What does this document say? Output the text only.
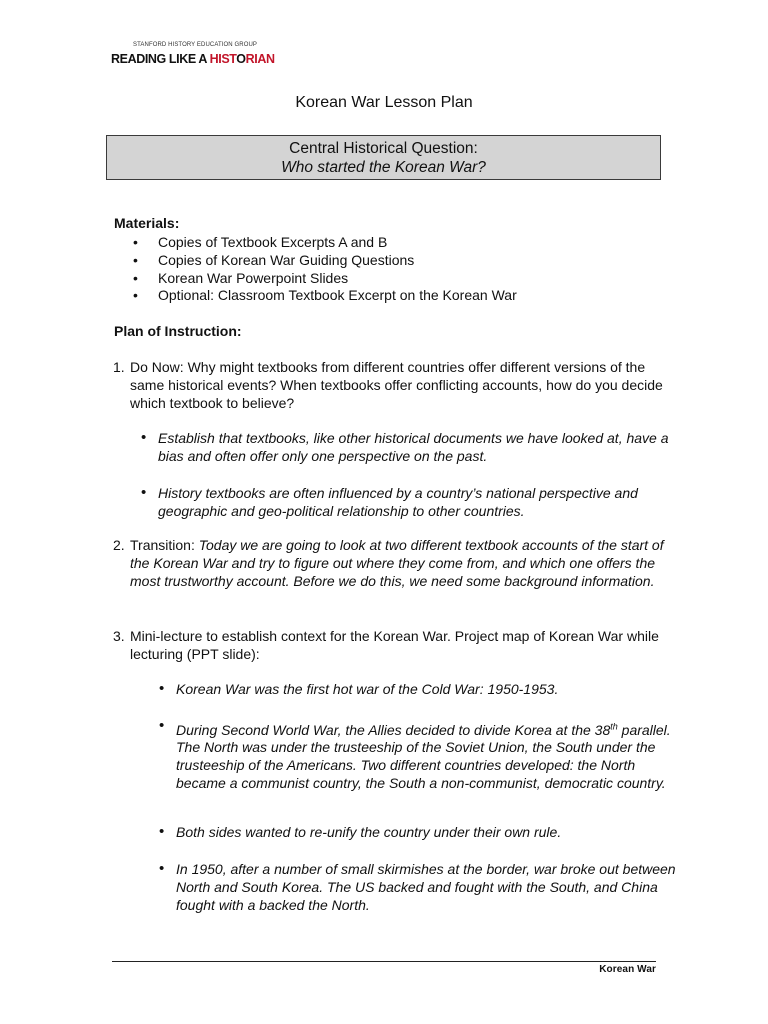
STANFORD HISTORY EDUCATION GROUP
READING LIKE A HISTORIAN
Korean War Lesson Plan
Central Historical Question:
Who started the Korean War?
Materials:
• Copies of Textbook Excerpts A and B
• Copies of Korean War Guiding Questions
• Korean War Powerpoint Slides
• Optional: Classroom Textbook Excerpt on the Korean War
Plan of Instruction:
1. Do Now: Why might textbooks from different countries offer different versions of the same historical events? When textbooks offer conflicting accounts, how do you decide which textbook to believe?
• Establish that textbooks, like other historical documents we have looked at, have a bias and often offer only one perspective on the past.
• History textbooks are often influenced by a country’s national perspective and geographic and geo-political relationship to other countries.
2. Transition: Today we are going to look at two different textbook accounts of the start of the Korean War and try to figure out where they come from, and which one offers the most trustworthy account. Before we do this, we need some background information.
3. Mini-lecture to establish context for the Korean War. Project map of Korean War while lecturing (PPT slide):
• Korean War was the first hot war of the Cold War: 1950-1953.
• During Second World War, the Allies decided to divide Korea at the 38th parallel. The North was under the trusteeship of the Soviet Union, the South under the trusteeship of the Americans. Two different countries developed: the North became a communist country, the South a non-communist, democratic country.
• Both sides wanted to re-unify the country under their own rule.
• In 1950, after a number of small skirmishes at the border, war broke out between North and South Korea. The US backed and fought with the South, and China fought with a backed the North.
Korean War
